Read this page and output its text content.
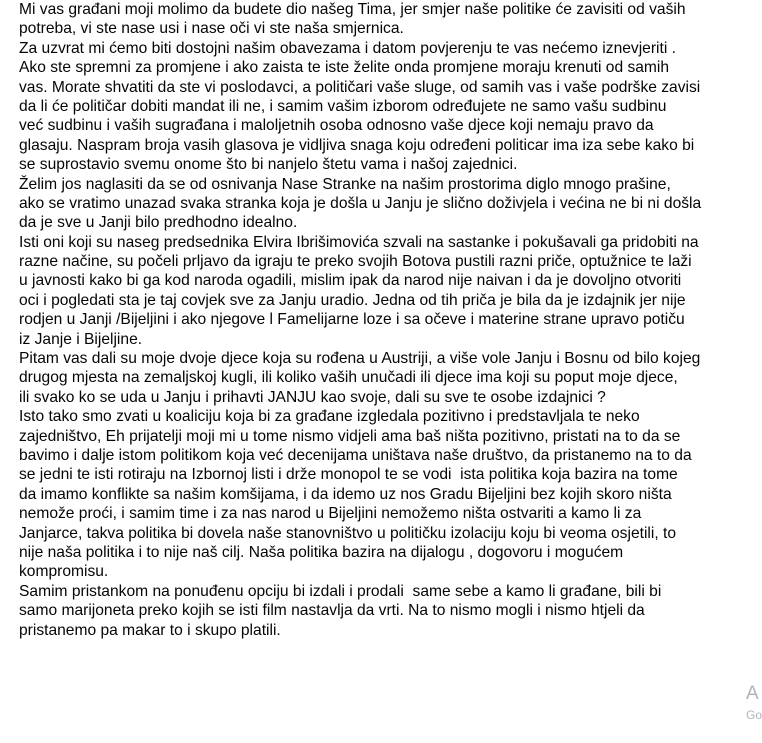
Mi vas građani moji molimo da budete dio našeg Tima, jer smjer naše politike će zavisiti od vaših
potreba, vi ste nase usi i nase oči vi ste naša smjernica.
Za uzvrat mi ćemo biti dostojni našim obavezama i datom povjerenju te vas nećemo iznevjeriti .
Ako ste spremni za promjene i ako zaista te iste želite onda promjene moraju krenuti od samih
vas. Morate shvatiti da ste vi poslodavci, a političari vaše sluge, od samih vas i vaše podrške zavisi
da li će političar dobiti mandat ili ne, i samim vašim izborom određujete ne samo vašu sudbinu
već sudbinu i vaših sugrađana i maloljetnih osoba odnosno vaše djece koji nemaju pravo da
glasaju. Naspram broja vasih glasova je vidljiva snaga koju određeni politicar ima iza sebe kako bi
se suprostavio svemu onome što bi nanjelo štetu vama i našoj zajednici.
Želim jos naglasiti da se od osnivanja Nase Stranke na našim prostorima diglo mnogo prašine,
ako se vratimo unazad svaka stranka koja je došla u Janju je slično doživjela i većina ne bi ni došla
da je sve u Janji bilo predhodno idealno.
Isti oni koji su naseg predsednika Elvira Ibrišimovića szvali na sastanke i pokušavali ga pridobiti na
razne načine, su počeli prljavo da igraju te preko svojih Botova pustili razni priče, optužnice te laži
u javnosti kako bi ga kod naroda ogadili, mislim ipak da narod nije naivan i da je dovoljno otvoriti
oci i pogledati sta je taj covjek sve za Janju uradio. Jedna od tih priča je bila da je izdajnik jer nije
rodjen u Janji /Bijeljini i ako njegove l Famelijarne loze i sa očeve i materine strane upravo potiču
iz Janje i Bijeljine.
Pitam vas dali su moje dvoje djece koja su rođena u Austriji, a više vole Janju i Bosnu od bilo kojeg
drugog mjesta na zemaljskoj kugli, ili koliko vaših unučadi ili djece ima koji su poput moje djece,
ili svako ko se uda u Janju i prihavti JANJU kao svoje, dali su sve te osobe izdajnici ?
Isto tako smo zvati u koaliciju koja bi za građane izgledala pozitivno i predstavljala te neko
zajedništvo, Eh prijatelji moji mi u tome nismo vidjeli ama baš ništa pozitivno, pristati na to da se
bavimo i dalje istom politikom koja već decenijama uništava naše društvo, da pristanemo na to da
se jedni te isti rotiraju na Izbornoj listi i drže monopol te se vodi  ista politika koja bazira na tome
da imamo konflikte sa našim komšijama, i da idemo uz nos Gradu Bijeljini bez kojih skoro ništa
nemože proći, i samim time i za nas narod u Bijeljini nemožemo ništa ostvariti a kamo li za
Janjarce, takva politika bi dovela naše stanovništvo u političku izolaciju koju bi veoma osjetili, to
nije naša politika i to nije naš cilj. Naša politika bazira na dijalogu , dogovoru i mogućem
kompromisu.
Samim pristankom na ponuđenu opciju bi izdali i prodali  same sebe a kamo li građane, bili bi
samo marijoneta preko kojih se isti film nastavlja da vrti. Na to nismo mogli i nismo htjeli da
pristanemo pa makar to i skupo platili.
A
Go
